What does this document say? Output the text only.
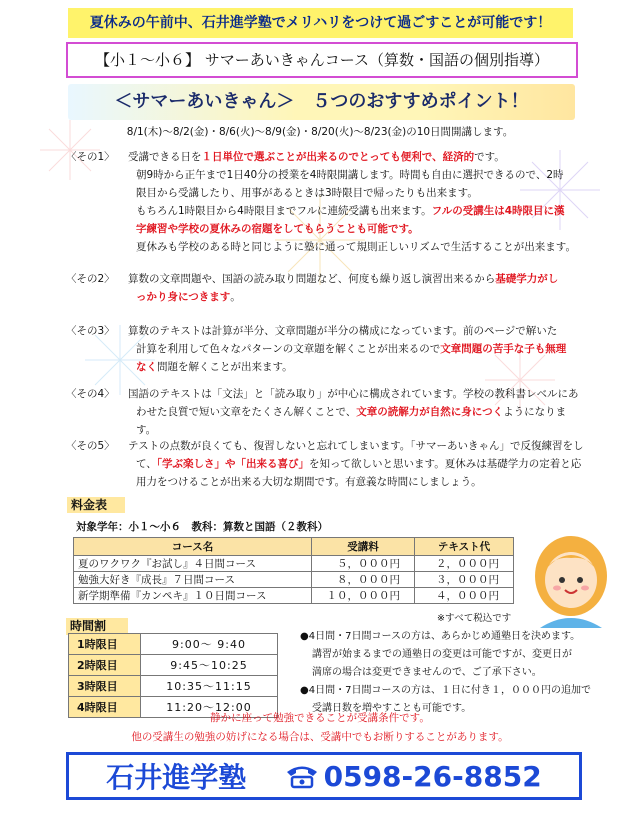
夏休みの午前中、石井進学塾でメリハリをつけて過ごすことが可能です！
【小１〜小６】 サマーあいきゃんコース（算数・国語の個別指導）
＜サマーあいきゃん＞　５つのおすすめポイント！
8/1(木)〜8/2(金)・8/6(火)〜8/9(金)・8/20(火)〜8/23(金)の10日間開講します。
〈その1〉 受講できる日を１日単位で選ぶことが出来るのでとっても便利で、経済的です。
朝9時から正午まで1日40分の授業を4時限開講します。時間も自由に選択できるので、2時
限目から受講したり、用事があるときは3時限目で帰ったりも出来ます。
もちろん1時限目から4時限目までフルに連続受講も出来ます。フルの受講生は4時限目に漢
字練習や学校の夏休みの宿題をしてもらうことも可能です。
夏休みも学校のある時と同じように塾に通って規則正しいリズムで生活することが出来ます。
〈その2〉 算数の文章問題や、国語の読み取り問題など、何度も繰り返し演習出来るから基礎学力がし
っかり身につきます。
〈その3〉 算数のテキストは計算が半分、文章問題が半分の構成になっています。前のページで解いた
計算を利用して色々なパターンの文章題を解くことが出来るので文章問題の苦手な子も無理
なく問題を解くことが出来ます。
〈その4〉 国語のテキストは「文法」と「読み取り」が中心に構成されています。学校の教科書レベルにあ
わせた良質で短い文章をたくさん解くことで、文章の読解力が自然に身につくようになります。
〈その5〉 テストの点数が良くても、復習しないと忘れてしまいます。「サマーあいきゃん」で反復練習をし
て、「学ぶ楽しさ」や「出来る喜び」を知って欲しいと思います。夏休みは基礎学力の定着と応
用力をつけることが出来る大切な期間です。有意義な時間にしましょう。
料金表
対象学年：小１〜小６　教科：算数と国語（２教科）
コース名	受講料	テキスト代
夏のワクワク『お試し』４日間コース	５，０００円	２，０００円
勉強大好き『成長』７日間コース	８，０００円	３，０００円
新学期準備『カンペキ』１０日間コース	１０，０００円	４，０００円
※すべて税込です
時間割
1時限目	9:00〜 9:40
2時限目	9:45〜10:25
3時限目	10:35〜11:15
4時限目	11:20〜12:00
●4日間・7日間コースの方は、あらかじめ通塾日を決めます。
講習が始まるまでの通塾日の変更は可能ですが、変更日が
満席の場合は変更できませんので、ご了承下さい。
●4日間・7日間コースの方は、１日に付き１，０００円の追加で
受講日数を増やすことも可能です。
静かに座って勉強できることが受講条件です。
他の受講生の勉強の妨げになる場合は、受講中でもお断りすることがあります。
石井進学塾	0598-26-8852
